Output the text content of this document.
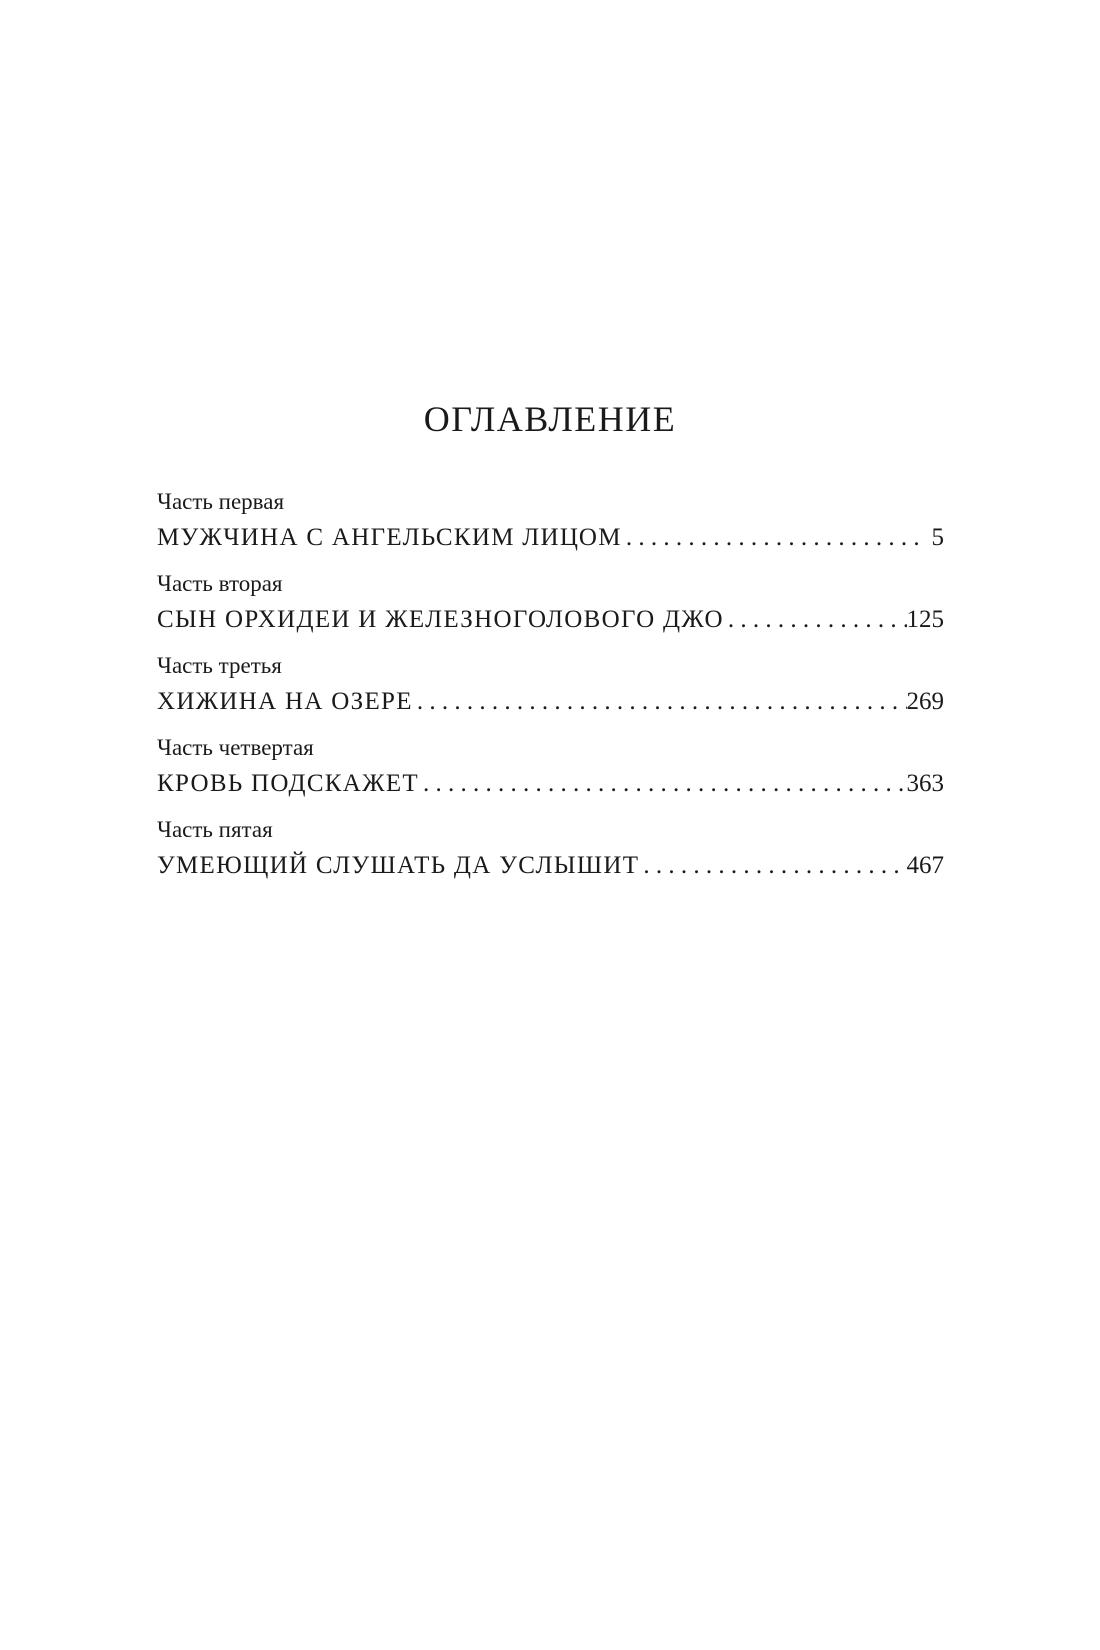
ОГЛАВЛЕНИЕ
Часть первая
МУЖЧИНА С АНГЕЛЬСКИМ ЛИЦОМ . . .	5
Часть вторая
СЫН ОРХИДЕИ И ЖЕЛЕЗНОГОЛОВОГО ДЖО . . .	125
Часть третья
ХИЖИНА НА ОЗЕРЕ . . .	269
Часть четвертая
КРОВЬ ПОДСКАЖЕТ . . .	363
Часть пятая
УМЕЮЩИЙ СЛУШАТЬ ДА УСЛЫШИТ . . .	467
